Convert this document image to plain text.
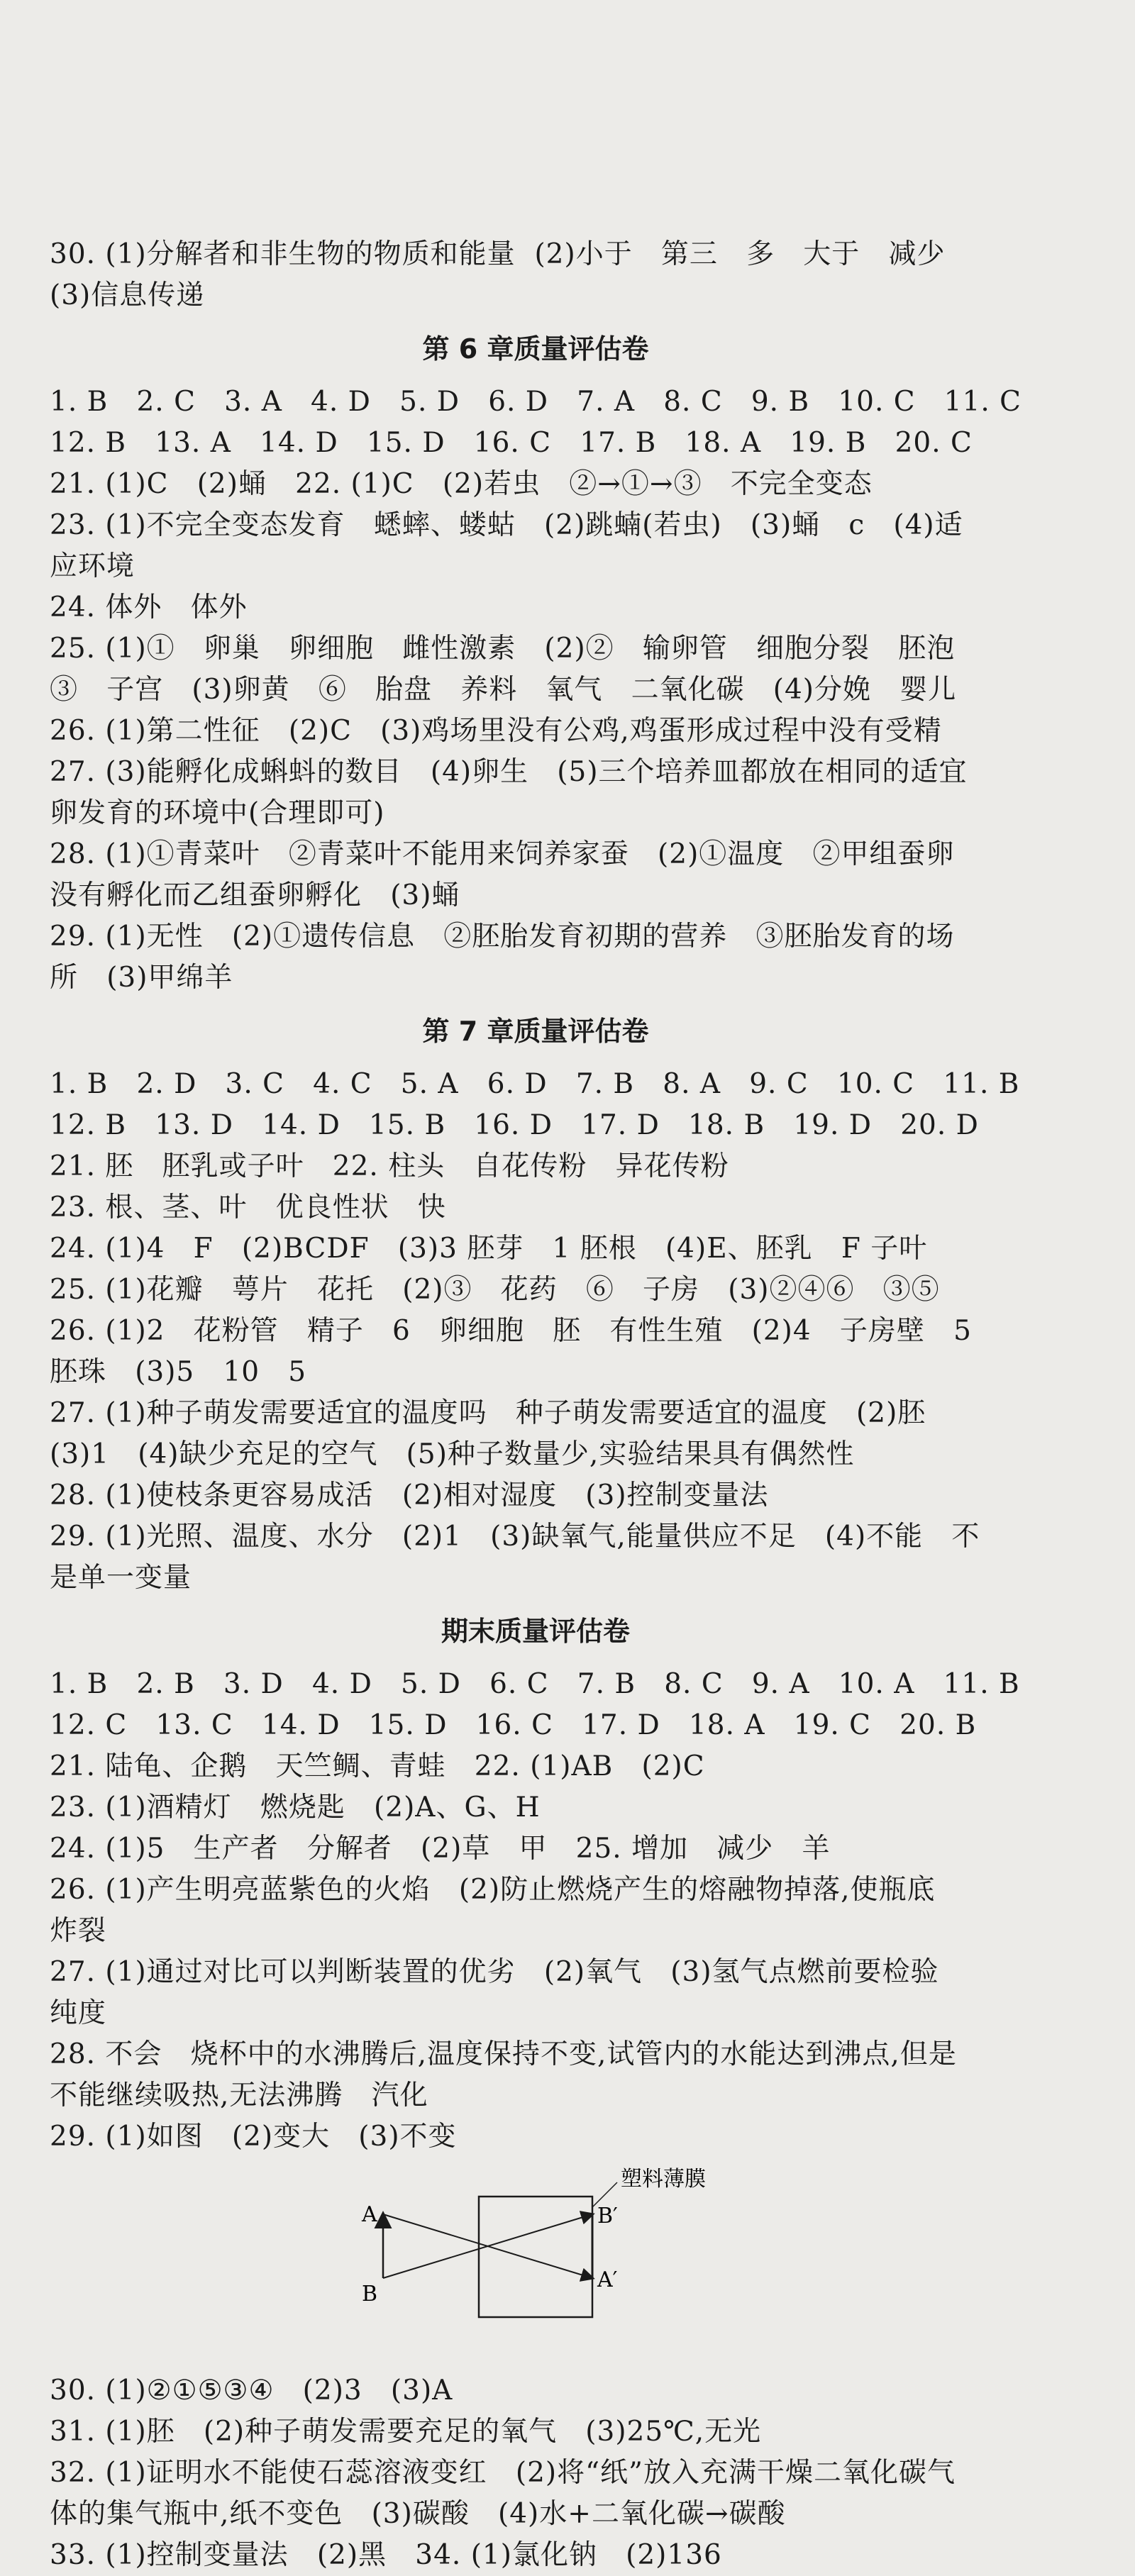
30. (1)分解者和非生物的物质和能量  (2)小于   第三   多   大于   减少
(3)信息传递
第 6 章质量评估卷
1. B   2. C   3. A   4. D   5. D   6. D   7. A   8. C   9. B   10. C   11. C
12. B   13. A   14. D   15. D   16. C   17. B   18. A   19. B   20. C
21. (1)C   (2)蛹   22. (1)C   (2)若虫   ②→①→③   不完全变态
23. (1)不完全变态发育   蟋蟀、蝼蛄   (2)跳蝻(若虫)   (3)蛹   c   (4)适
应环境
24. 体外   体外
25. (1)①   卵巢   卵细胞   雌性激素   (2)②   输卵管   细胞分裂   胚泡
③   子宫   (3)卵黄   ⑥   胎盘   养料   氧气   二氧化碳   (4)分娩   婴儿
26. (1)第二性征   (2)C   (3)鸡场里没有公鸡,鸡蛋形成过程中没有受精
27. (3)能孵化成蝌蚪的数目   (4)卵生   (5)三个培养皿都放在相同的适宜
卵发育的环境中(合理即可)
28. (1)①青菜叶   ②青菜叶不能用来饲养家蚕   (2)①温度   ②甲组蚕卵
没有孵化而乙组蚕卵孵化   (3)蛹
29. (1)无性   (2)①遗传信息   ②胚胎发育初期的营养   ③胚胎发育的场
所   (3)甲绵羊
第 7 章质量评估卷
1. B   2. D   3. C   4. C   5. A   6. D   7. B   8. A   9. C   10. C   11. B
12. B   13. D   14. D   15. B   16. D   17. D   18. B   19. D   20. D
21. 胚   胚乳或子叶   22. 柱头   自花传粉   异花传粉
23. 根、茎、叶   优良性状   快
24. (1)4   F   (2)BCDF   (3)3 胚芽   1 胚根   (4)E、胚乳   F 子叶
25. (1)花瓣   萼片   花托   (2)③   花药   ⑥   子房   (3)②④⑥   ③⑤
26. (1)2   花粉管   精子   6   卵细胞   胚   有性生殖   (2)4   子房壁   5
胚珠   (3)5   10   5
27. (1)种子萌发需要适宜的温度吗   种子萌发需要适宜的温度   (2)胚
(3)1   (4)缺少充足的空气   (5)种子数量少,实验结果具有偶然性
28. (1)使枝条更容易成活   (2)相对湿度   (3)控制变量法
29. (1)光照、温度、水分   (2)1   (3)缺氧气,能量供应不足   (4)不能   不
是单一变量
期末质量评估卷
1. B   2. B   3. D   4. D   5. D   6. C   7. B   8. C   9. A   10. A   11. B
12. C   13. C   14. D   15. D   16. C   17. D   18. A   19. C   20. B
21. 陆龟、企鹅   天竺鲷、青蛙   22. (1)AB   (2)C
23. (1)酒精灯   燃烧匙   (2)A、G、H
24. (1)5   生产者   分解者   (2)草   甲   25. 增加   减少   羊
26. (1)产生明亮蓝紫色的火焰   (2)防止燃烧产生的熔融物掉落,使瓶底
炸裂
27. (1)通过对比可以判断装置的优劣   (2)氧气   (3)氢气点燃前要检验
纯度
28. 不会   烧杯中的水沸腾后,温度保持不变,试管内的水能达到沸点,但是
不能继续吸热,无法沸腾   汽化
29. (1)如图   (2)变大   (3)不变
塑料薄膜
A
B
B′
A′
30. (1)②①⑤③④   (2)3   (3)A
31. (1)胚   (2)种子萌发需要充足的氧气   (3)25℃,无光
32. (1)证明水不能使石蕊溶液变红   (2)将“纸”放入充满干燥二氧化碳气
体的集气瓶中,纸不变色   (3)碳酸   (4)水+二氧化碳→碳酸
33. (1)控制变量法   (2)黑   34. (1)氯化钠   (2)136
